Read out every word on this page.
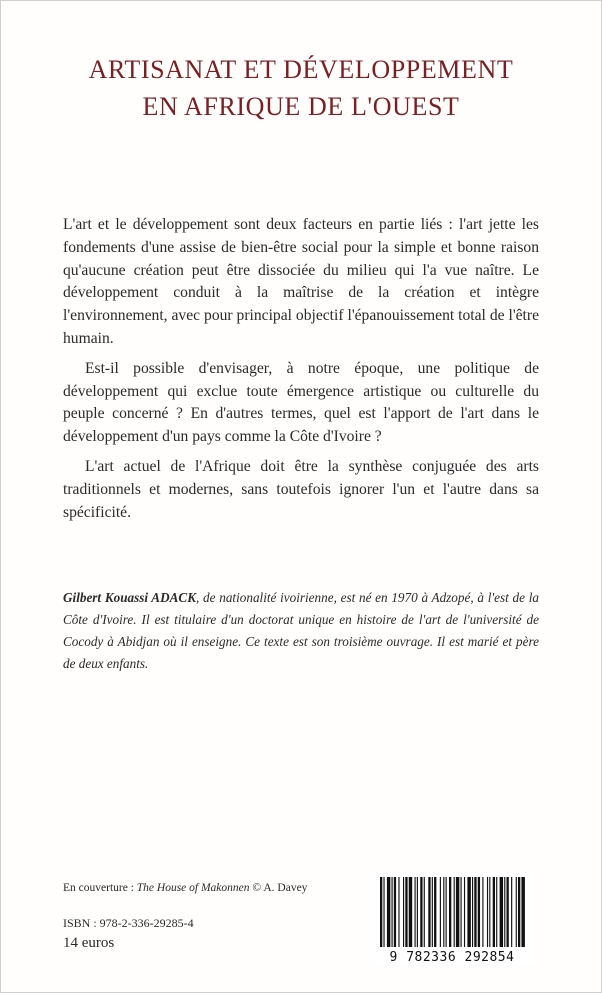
ARTISANAT ET DÉVELOPPEMENT
EN AFRIQUE DE L'OUEST

L'art et le développement sont deux facteurs en partie liés : l'art jette les fondements d'une assise de bien-être social pour la simple et bonne raison qu'aucune création peut être dissociée du milieu qui l'a vue naître. Le développement conduit à la maîtrise de la création et intègre l'environnement, avec pour principal objectif l'épanouissement total de l'être humain.

Est-il possible d'envisager, à notre époque, une politique de développement qui exclue toute émergence artistique ou culturelle du peuple concerné ? En d'autres termes, quel est l'apport de l'art dans le développement d'un pays comme la Côte d'Ivoire ?

L'art actuel de l'Afrique doit être la synthèse conjuguée des arts traditionnels et modernes, sans toutefois ignorer l'un et l'autre dans sa spécificité.

Gilbert Kouassi ADACK, de nationalité ivoirienne, est né en 1970 à Adzopé, à l'est de la Côte d'Ivoire. Il est titulaire d'un doctorat unique en histoire de l'art de l'université de Cocody à Abidjan où il enseigne. Ce texte est son troisième ouvrage. Il est marié et père de deux enfants.
En couverture : The House of Makonnen © A. Davey
ISBN : 978-2-336-29285-4
14 euros
9 782336 292854
